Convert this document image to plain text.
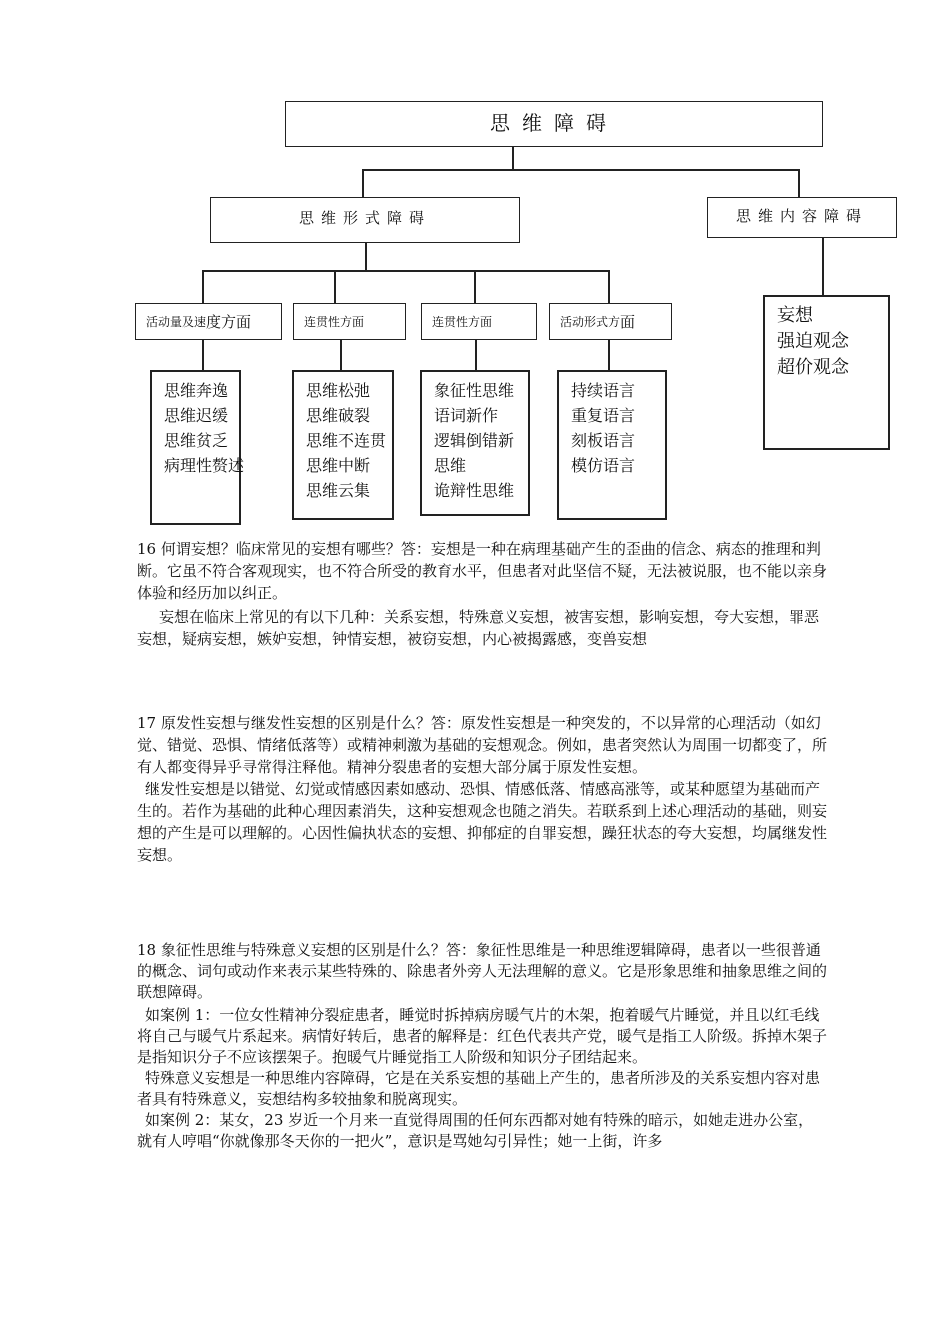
思维障碍
思维形式障碍	思维内容障碍
妄想
强迫观念
超价观念
活动量及速 度方面	连贯性方面	连贯性方面	活动形式方 面
思维奔逸
思维迟缓
思维贫乏
病理性赘述
思维松弛
思维破裂
思维不连贯
思维中断
思维云集
象征性思维
语词新作
逻辑倒错新
思维
诡辩性思维
持续语言
重复语言
刻板语言
模仿语言

16 何谓妄想？临床常见的妄想有哪些？答：妄想是一种在病理基础产生的歪曲的信念、病态的推理和判断。它虽不符合客观现实，也不符合所受的教育水平，但患者对此坚信不疑，无法被说服，也不能以亲身体验和经历加以纠正。

妄想在临床上常见的有以下几种：关系妄想，特殊意义妄想，被害妄想，影响妄想，夸大妄想，罪恶妄想，疑病妄想，嫉妒妄想，钟情妄想，被窃妄想，内心被揭露感，变兽妄想

17 原发性妄想与继发性妄想的区别是什么？答：原发性妄想是一种突发的，不以异常的心理活动（如幻觉、错觉、恐惧、情绪低落等）或精神刺激为基础的妄想观念。例如，患者突然认为周围一切都变了，所有人都变得异乎寻常得注释他。精神分裂患者的妄想大部分属于原发性妄想。

继发性妄想是以错觉、幻觉或情感因素如感动、恐惧、情感低落、情感高涨等，或某种愿望为基础而产生的。若作为基础的此种心理因素消失，这种妄想观念也随之消失。若联系到上述心理活动的基础，则妄想的产生是可以理解的。心因性偏执状态的妄想、抑郁症的自罪妄想，躁狂状态的夸大妄想，均属继发性妄想。

18 象征性思维与特殊意义妄想的区别是什么？答：象征性思维是一种思维逻辑障碍，患者以一些很普通的概念、词句或动作来表示某些特殊的、除患者外旁人无法理解的意义。它是形象思维和抽象思维之间的联想障碍。

如案例 1：一位女性精神分裂症患者，睡觉时拆掉病房暖气片的木架，抱着暖气片睡觉，并且以红毛线将自己与暖气片系起来。病情好转后，患者的解释是：红色代表共产党，暖气是指工人阶级。拆掉木架子是指知识分子不应该摆架子。抱暖气片睡觉指工人阶级和知识分子团结起来。

特殊意义妄想是一种思维内容障碍，它是在关系妄想的基础上产生的，患者所涉及的关系妄想内容对患者具有特殊意义，妄想结构多较抽象和脱离现实。

如案例 2：某女，23 岁近一个月来一直觉得周围的任何东西都对她有特殊的暗示，如她走进办公室，就有人哼唱“你就像那冬天你的一把火”，意识是骂她勾引异性；她一上街，许多
